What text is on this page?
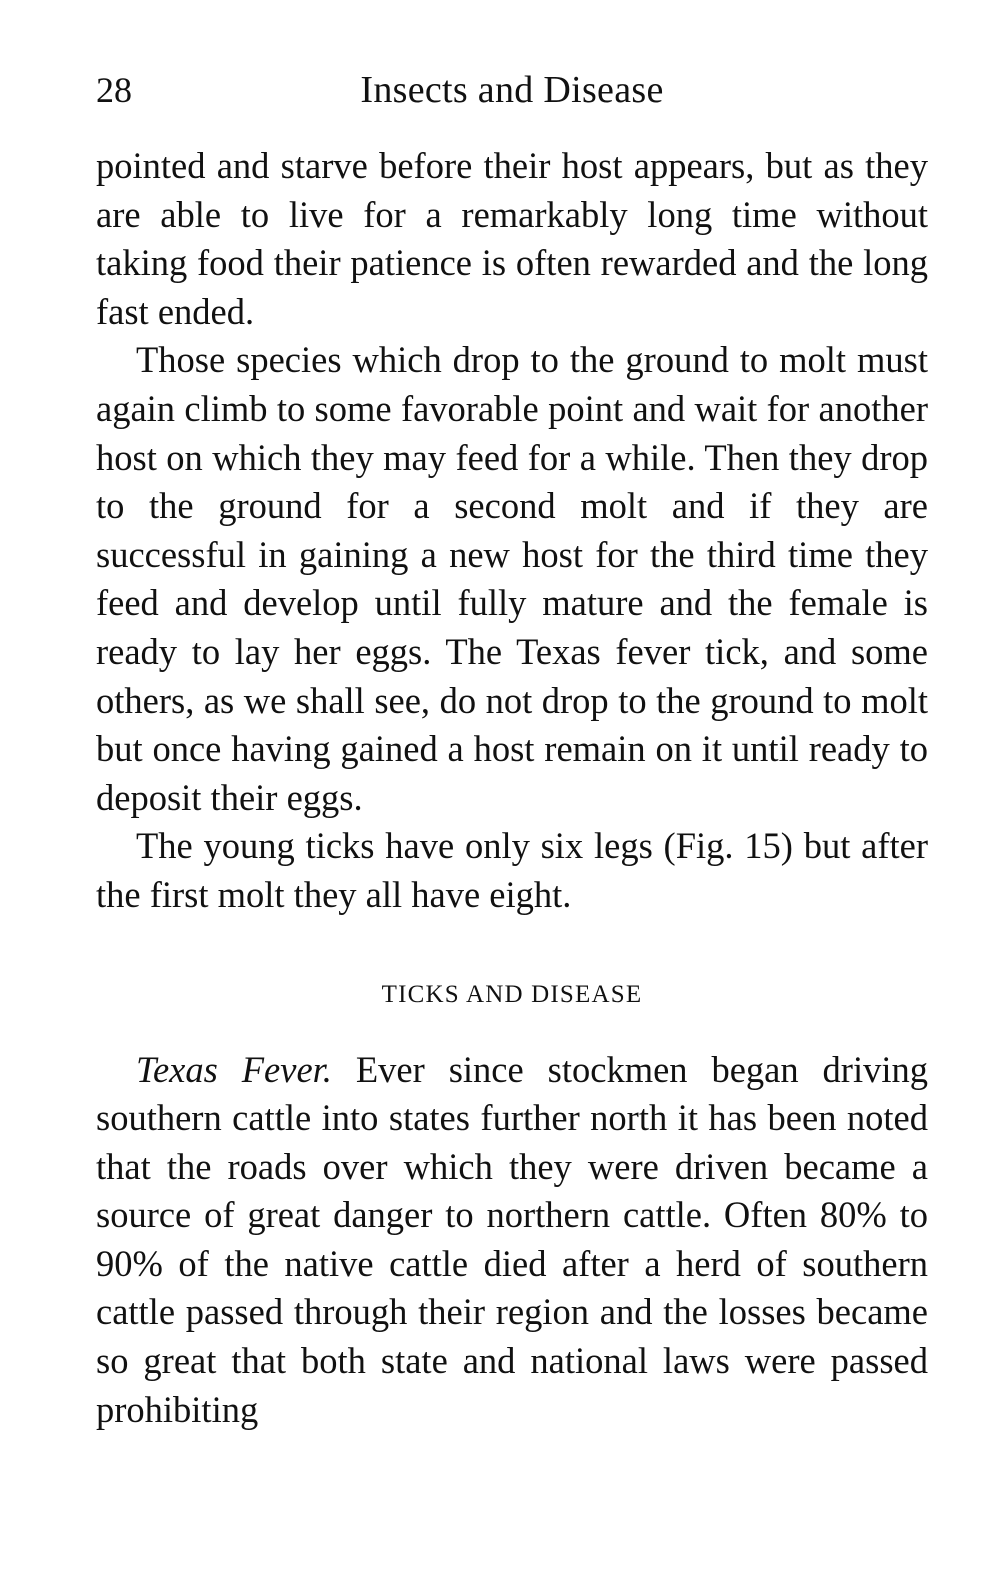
28	Insects and Disease

pointed and starve before their host appears, but as they are able to live for a remarkably long time without taking food their patience is often rewarded and the long fast ended.

Those species which drop to the ground to molt must again climb to some favorable point and wait for another host on which they may feed for a while. Then they drop to the ground for a second molt and if they are successful in gaining a new host for the third time they feed and develop until fully mature and the female is ready to lay her eggs. The Texas fever tick, and some others, as we shall see, do not drop to the ground to molt but once having gained a host remain on it until ready to deposit their eggs.

The young ticks have only six legs (Fig. 15) but after the first molt they all have eight.

TICKS AND DISEASE

Texas Fever. Ever since stockmen began driving southern cattle into states further north it has been noted that the roads over which they were driven became a source of great danger to northern cattle. Often 80% to 90% of the native cattle died after a herd of southern cattle passed through their region and the losses became so great that both state and national laws were passed prohibiting
